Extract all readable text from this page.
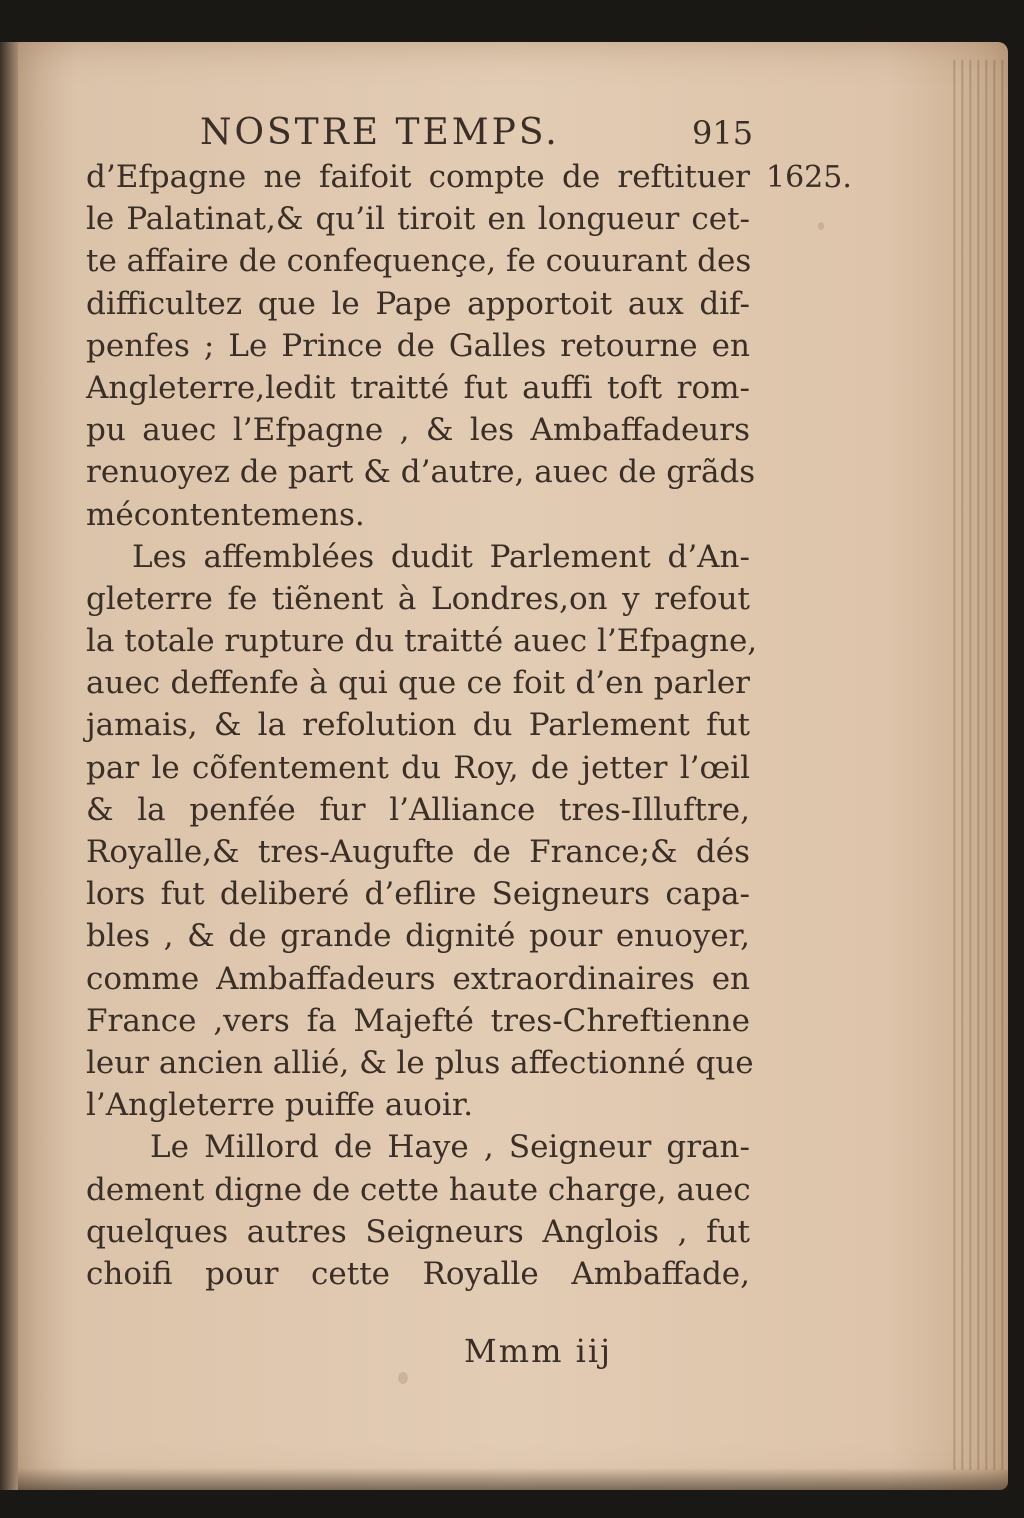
NOSTRE TEMPS.	915
d’Efpagne ne faifoit compte de reftituer
le Palatinat,& qu’il tiroit en longueur cet-
te affaire de confequençe, fe couurant des
difficultez que le Pape apportoit aux dif-
penfes ; Le Prince de Galles retourne en
Angleterre,ledit traitté fut auffi toft rom-
pu auec l’Efpagne , & les Ambaffadeurs
renuoyez de part & d’autre, auec de grãds
mécontentemens.
Les affemblées dudit Parlement d’An-
gleterre fe tiẽnent à Londres,on y refout
la totale rupture du traitté auec l’Efpagne,
auec deffenfe à qui que ce foit d’en parler
jamais, & la refolution du Parlement fut
par le cõfentement du Roy, de jetter l’œil
& la penfée fur l’Alliance tres-Illuftre,
Royalle,& tres-Augufte de France;& dés
lors fut deliberé d’eflire Seigneurs capa-
bles , & de grande dignité pour enuoyer,
comme Ambaffadeurs extraordinaires en
France ,vers fa Majefté tres-Chreftienne
leur ancien allié, & le plus affectionné que
l’Angleterre puiffe auoir.
Le Millord de Haye , Seigneur gran-
dement digne de cette haute charge, auec
quelques autres Seigneurs Anglois , fut
choifi pour cette Royalle Ambaffade,
1625.
Mmm iij
